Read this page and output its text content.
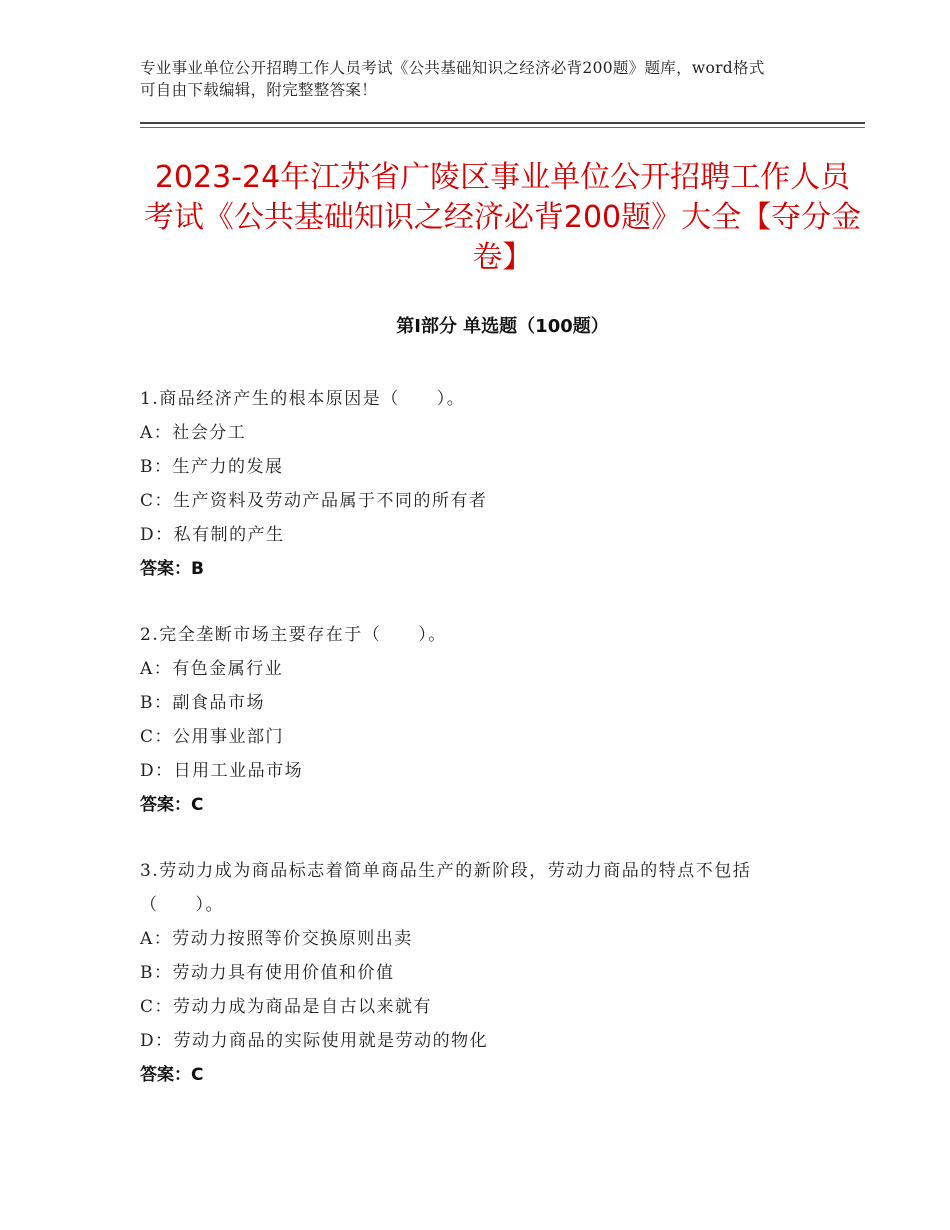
专业事业单位公开招聘工作人员考试《公共基础知识之经济必背200题》题库，word格式可自由下载编辑，附完整整答案！
2023-24年江苏省广陵区事业单位公开招聘工作人员考试《公共基础知识之经济必背200题》大全【夺分金卷】
第Ⅰ部分 单选题（100题）
1.商品经济产生的根本原因是（　　）。
A：社会分工
B：生产力的发展
C：生产资料及劳动产品属于不同的所有者
D：私有制的产生
答案：B
2.完全垄断市场主要存在于（　　）。
A：有色金属行业
B：副食品市场
C：公用事业部门
D：日用工业品市场
答案：C
3.劳动力成为商品标志着简单商品生产的新阶段，劳动力商品的特点不包括（　　）。
A：劳动力按照等价交换原则出卖
B：劳动力具有使用价值和价值
C：劳动力成为商品是自古以来就有
D：劳动力商品的实际使用就是劳动的物化
答案：C
